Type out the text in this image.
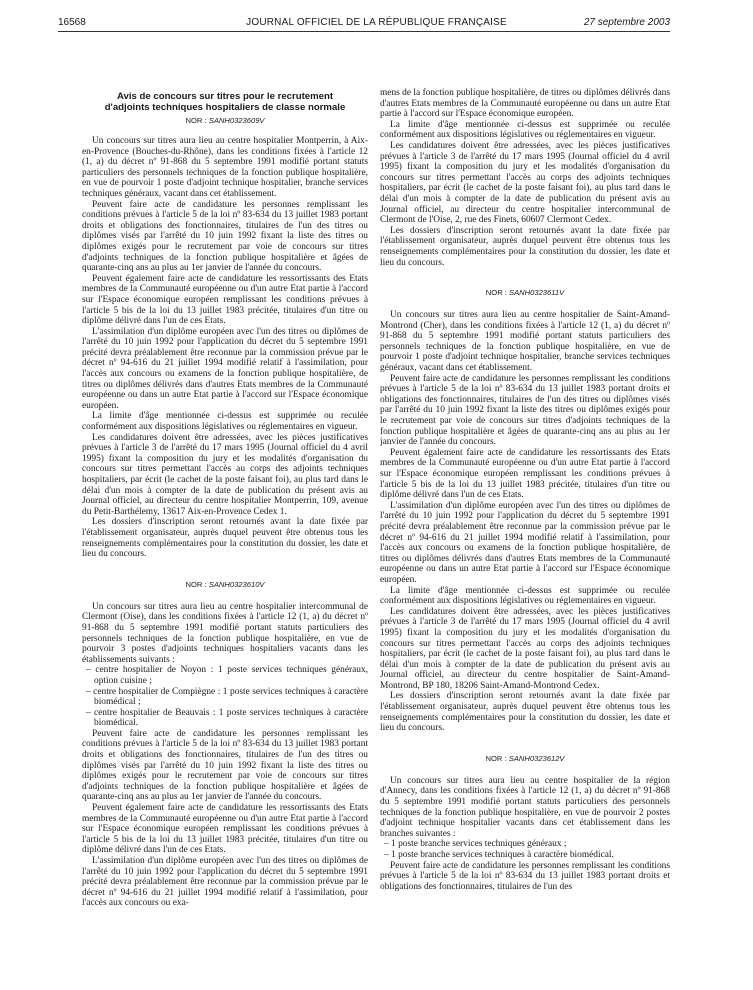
16568	JOURNAL OFFICIEL DE LA RÉPUBLIQUE FRANÇAISE	27 septembre 2003
Avis de concours sur titres pour le recrutement
d'adjoints techniques hospitaliers de classe normale
NOR : SANH0323609V

Un concours sur titres aura lieu au centre hospitalier Montperrin, à Aix-en-Provence (Bouches-du-Rhône), dans les conditions fixées à l'article 12 (1, a) du décret nº 91-868 du 5 septembre 1991 modifié portant statuts particuliers des personnels techniques de la fonction publique hospitalière, en vue de pourvoir 1 poste d'adjoint technique hospitalier, branche services techniques généraux, vacant dans cet établissement.

Peuvent faire acte de candidature les personnes remplissant les conditions prévues à l'article 5 de la loi nº 83-634 du 13 juillet 1983 portant droits et obligations des fonctionnaires, titulaires de l'un des titres ou diplômes visés par l'arrêté du 10 juin 1992 fixant la liste des titres ou diplômes exigés pour le recrutement par voie de concours sur titres d'adjoints techniques de la fonction publique hospitalière et âgées de quarante-cinq ans au plus au 1er janvier de l'année du concours.

Peuvent également faire acte de candidature les ressortissants des Etats membres de la Communauté européenne ou d'un autre Etat partie à l'accord sur l'Espace économique européen remplissant les conditions prévues à l'article 5 bis de la loi du 13 juillet 1983 précitée, titulaires d'un titre ou diplôme délivré dans l'un de ces Etats.

L'assimilation d'un diplôme européen avec l'un des titres ou diplômes de l'arrêté du 10 juin 1992 pour l'application du décret du 5 septembre 1991 précité devra préalablement être reconnue par la commission prévue par le décret nº 94-616 du 21 juillet 1994 modifié relatif à l'assimilation, pour l'accès aux concours ou examens de la fonction publique hospitalière, de titres ou diplômes délivrés dans d'autres Etats membres de la Communauté européenne ou dans un autre Etat partie à l'accord sur l'Espace économique européen.

La limite d'âge mentionnée ci-dessus est supprimée ou reculée conformément aux dispositions législatives ou réglementaires en vigueur.

Les candidatures doivent être adressées, avec les pièces justificatives prévues à l'article 3 de l'arrêté du 17 mars 1995 (Journal officiel du 4 avril 1995) fixant la composition du jury et les modalités d'organisation du concours sur titres permettant l'accès au corps des adjoints techniques hospitaliers, par écrit (le cachet de la poste faisant foi), au plus tard dans le délai d'un mois à compter de la date de publication du présent avis au Journal officiel, au directeur du centre hospitalier Montperrin, 109, avenue du Petit-Barthélemy, 13617 Aix-en-Provence Cedex 1.

Les dossiers d'inscription seront retournés avant la date fixée par l'établissement organisateur, auprès duquel peuvent être obtenus tous les renseignements complémentaires pour la constitution du dossier, les date et lieu du concours.

NOR : SANH0323610V

Un concours sur titres aura lieu au centre hospitalier intercommunal de Clermont (Oise), dans les conditions fixées à l'article 12 (1, a) du décret nº 91-868 du 5 septembre 1991 modifié portant statuts particuliers des personnels techniques de la fonction publique hospitalière, en vue de pourvoir 3 postes d'adjoints techniques hospitaliers vacants dans les établissements suivants :

– centre hospitalier de Noyon : 1 poste services techniques généraux, option cuisine ;

– centre hospitalier de Compiègne : 1 poste services techniques à caractère biomédical ;

– centre hospitalier de Beauvais : 1 poste services techniques à caractère biomédical.

Peuvent faire acte de candidature les personnes remplissant les conditions prévues à l'article 5 de la loi nº 83-634 du 13 juillet 1983 portant droits et obligations des fonctionnaires, titulaires de l'un des titres ou diplômes visés par l'arrêté du 10 juin 1992 fixant la liste des titres ou diplômes exigés pour le recrutement par voie de concours sur titres d'adjoints techniques de la fonction publique hospitalière et âgées de quarante-cinq ans au plus au 1er janvier de l'année du concours.

Peuvent également faire acte de candidature les ressortissants des Etats membres de la Communauté européenne ou d'un autre Etat partie à l'accord sur l'Espace économique européen remplissant les conditions prévues à l'article 5 bis de la loi du 13 juillet 1983 précitée, titulaires d'un titre ou diplôme délivré dans l'un de ces Etats.

L'assimilation d'un diplôme européen avec l'un des titres ou diplômes de l'arrêté du 10 juin 1992 pour l'application du décret du 5 septembre 1991 précité devra préalablement être reconnue par la commission prévue par le décret nº 94-616 du 21 juillet 1994 modifié relatif à l'assimilation, pour l'accès aux concours ou exa-

mens de la fonction publique hospitalière, de titres ou diplômes délivrés dans d'autres Etats membres de la Communauté européenne ou dans un autre Etat partie à l'accord sur l'Espace économique européen.

La limite d'âge mentionnée ci-dessus est supprimée ou reculée conformément aux dispositions législatives ou réglementaires en vigueur.

Les candidatures doivent être adressées, avec les pièces justificatives prévues à l'article 3 de l'arrêté du 17 mars 1995 (Journal officiel du 4 avril 1995) fixant la composition du jury et les modalités d'organisation du concours sur titres permettant l'accès au corps des adjoints techniques hospitaliers, par écrit (le cachet de la poste faisant foi), au plus tard dans le délai d'un mois à compter de la date de publication du présent avis au Journal officiel, au directeur du centre hospitalier intercommunal de Clermont de l'Oise, 2, rue des Finets, 60607 Clermont Cedex.

Les dossiers d'inscription seront retournés avant la date fixée par l'établissement organisateur, auprès duquel peuvent être obtenus tous les renseignements complémentaires pour la constitution du dossier, les date et lieu du concours.

NOR : SANH0323611V

Un concours sur titres aura lieu au centre hospitalier de Saint-Amand-Montrond (Cher), dans les conditions fixées à l'article 12 (1, a) du décret nº 91-868 du 5 septembre 1991 modifié portant statuts particuliers des personnels techniques de la fonction publique hospitalière, en vue de pourvoir 1 poste d'adjoint technique hospitalier, branche services techniques généraux, vacant dans cet établissement.

Peuvent faire acte de candidature les personnes remplissant les conditions prévues à l'article 5 de la loi nº 83-634 du 13 juillet 1983 portant droits et obligations des fonctionnaires, titulaires de l'un des titres ou diplômes visés par l'arrêté du 10 juin 1992 fixant la liste des titres ou diplômes exigés pour le recrutement par voie de concours sur titres d'adjoints techniques de la fonction publique hospitalière et âgées de quarante-cinq ans au plus au 1er janvier de l'année du concours.

Peuvent également faire acte de candidature les ressortissants des Etats membres de la Communauté européenne ou d'un autre Etat partie à l'accord sur l'Espace économique européen remplissant les conditions prévues à l'article 5 bis de la loi du 13 juillet 1983 précitée, titulaires d'un titre ou diplôme délivré dans l'un de ces Etats.

L'assimilation d'un diplôme européen avec l'un des titres ou diplômes de l'arrêté du 10 juin 1992 pour l'application du décret du 5 septembre 1991 précité devra préalablement être reconnue par la commission prévue par le décret nº 94-616 du 21 juillet 1994 modifié relatif à l'assimilation, pour l'accès aux concours ou examens de la fonction publique hospitalière, de titres ou diplômes délivrés dans d'autres Etats membres de la Communauté européenne ou dans un autre Etat partie à l'accord sur l'Espace économique européen.

La limite d'âge mentionnée ci-dessus est supprimée ou reculée conformément aux dispositions législatives ou réglementaires en vigueur.

Les candidatures doivent être adressées, avec les pièces justificatives prévues à l'article 3 de l'arrêté du 17 mars 1995 (Journal officiel du 4 avril 1995) fixant la composition du jury et les modalités d'organisation du concours sur titres permettant l'accès au corps des adjoints techniques hospitaliers, par écrit (le cachet de la poste faisant foi), au plus tard dans le délai d'un mois à compter de la date de publication du présent avis au Journal officiel, au directeur du centre hospitalier de Saint-Amand-Montrond, BP 180, 18206 Saint-Amand-Montrond Cedex.

Les dossiers d'inscription seront retournés avant la date fixée par l'établissement organisateur, auprès duquel peuvent être obtenus tous les renseignements complémentaires pour la constitution du dossier, les date et lieu du concours.

NOR : SANH0323612V

Un concours sur titres aura lieu au centre hospitalier de la région d'Annecy, dans les conditions fixées à l'article 12 (1, a) du décret nº 91-868 du 5 septembre 1991 modifié portant statuts particuliers des personnels techniques de la fonction publique hospitalière, en vue de pourvoir 2 postes d'adjoint technique hospitalier vacants dans cet établissement dans les branches suivantes :

– 1 poste branche services techniques généraux ;

– 1 poste branche services techniques à caractère biomédical.

Peuvent faire acte de candidature les personnes remplissant les conditions prévues à l'article 5 de la loi nº 83-634 du 13 juillet 1983 portant droits et obligations des fonctionnaires, titulaires de l'un des
